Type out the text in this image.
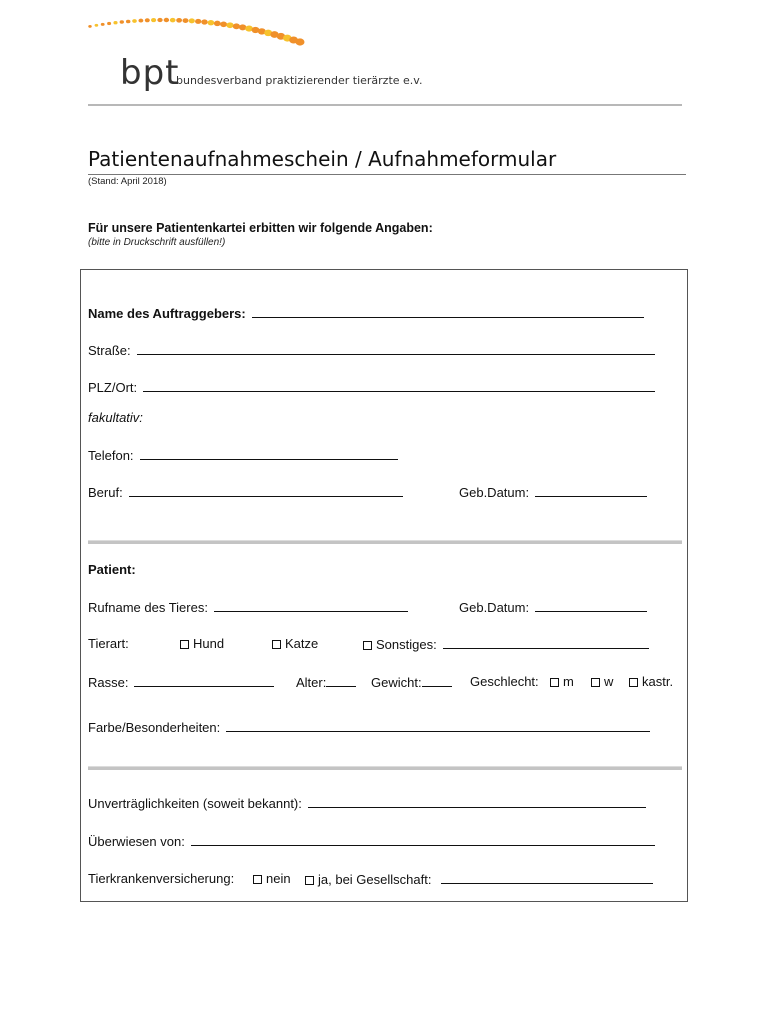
bpt
bundesverband praktizierender tierärzte e.v.
Patientenaufnahmeschein / Aufnahmeformular
(Stand: April 2018)
Für unsere Patientenkartei erbitten wir folgende Angaben:
(bitte in Druckschrift ausfüllen!)
Name des Auftraggebers:
Straße:
PLZ/Ort:
fakultativ:
Telefon:
Beruf:	Geb.Datum:
Patient:
Rufname des Tieres:	Geb.Datum:
Tierart:	Hund	Katze	Sonstiges:
Rasse:	Alter:	Gewicht:	Geschlecht:	m	w	kastr.
Farbe/Besonderheiten:
Unverträglichkeiten (soweit bekannt):
Überwiesen von:
Tierkrankenversicherung:	nein	ja, bei Gesellschaft:
